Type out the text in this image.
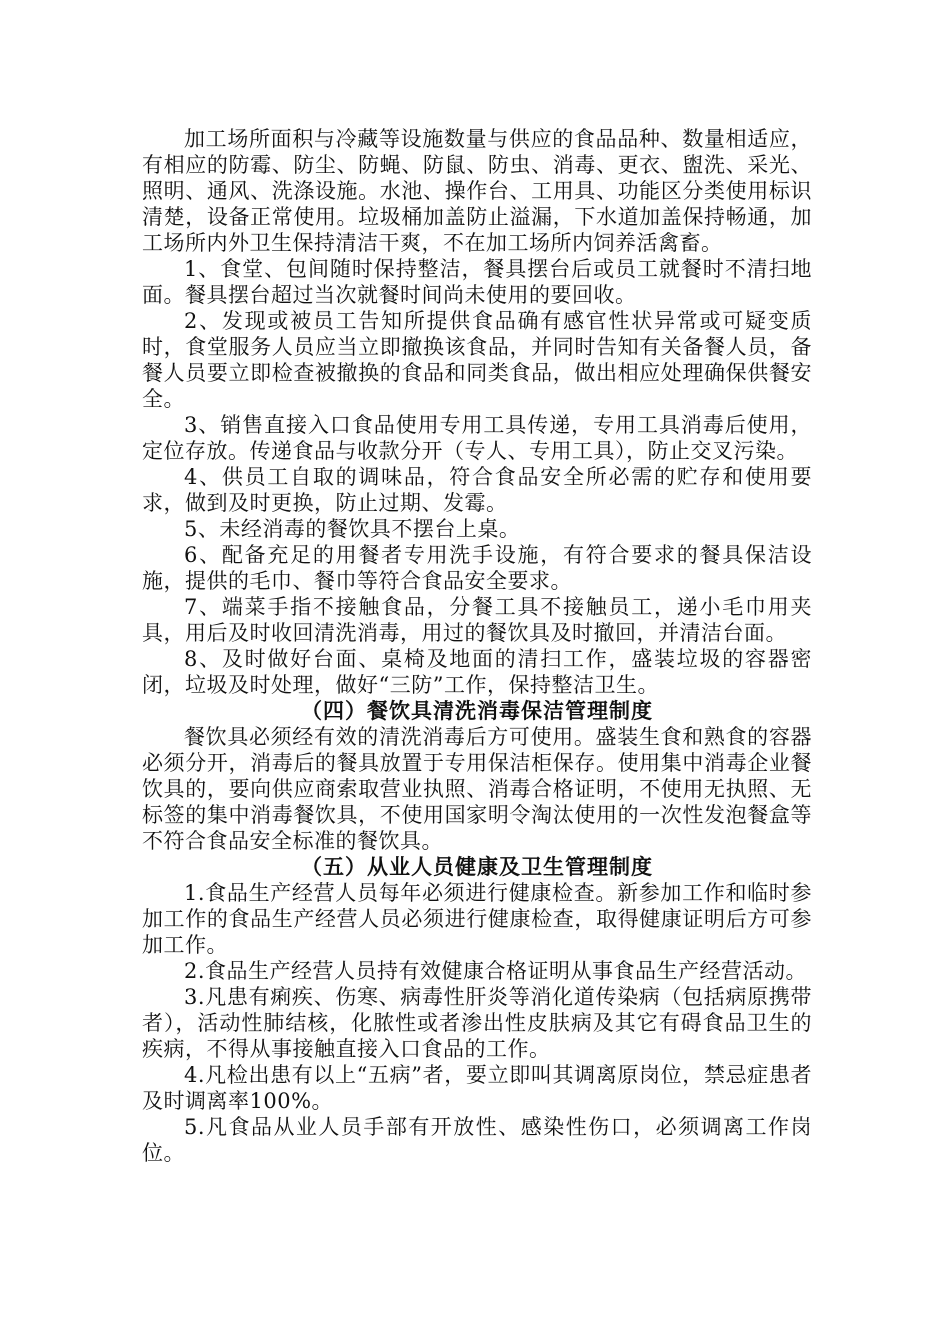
加工场所面积与冷藏等设施数量与供应的食品品种、数量相适应，有相应的防霉、防尘、防蝇、防鼠、防虫、消毒、更衣、盥洗、采光、照明、通风、洗涤设施。水池、操作台、工用具、功能区分类使用标识清楚，设备正常使用。垃圾桶加盖防止溢漏，下水道加盖保持畅通，加工场所内外卫生保持清洁干爽，不在加工场所内饲养活禽畜。

1、食堂、包间随时保持整洁，餐具摆台后或员工就餐时不清扫地面。餐具摆台超过当次就餐时间尚未使用的要回收。

2、发现或被员工告知所提供食品确有感官性状异常或可疑变质时，食堂服务人员应当立即撤换该食品，并同时告知有关备餐人员，备餐人员要立即检查被撤换的食品和同类食品，做出相应处理确保供餐安全。

3、销售直接入口食品使用专用工具传递，专用工具消毒后使用，定位存放。传递食品与收款分开（专人、专用工具），防止交叉污染。

4、供员工自取的调味品，符合食品安全所必需的贮存和使用要求，做到及时更换，防止过期、发霉。

5、未经消毒的餐饮具不摆台上桌。

6、配备充足的用餐者专用洗手设施，有符合要求的餐具保洁设施，提供的毛巾、餐巾等符合食品安全要求。

7、端菜手指不接触食品，分餐工具不接触员工，递小毛巾用夹具，用后及时收回清洗消毒，用过的餐饮具及时撤回，并清洁台面。

8、及时做好台面、桌椅及地面的清扫工作，盛装垃圾的容器密闭，垃圾及时处理，做好“三防”工作，保持整洁卫生。

（四）餐饮具清洗消毒保洁管理制度

餐饮具必须经有效的清洗消毒后方可使用。盛装生食和熟食的容器必须分开，消毒后的餐具放置于专用保洁柜保存。使用集中消毒企业餐饮具的，要向供应商索取营业执照、消毒合格证明，不使用无执照、无标签的集中消毒餐饮具，不使用国家明令淘汰使用的一次性发泡餐盒等不符合食品安全标准的餐饮具。

（五）从业人员健康及卫生管理制度

1.食品生产经营人员每年必须进行健康检查。新参加工作和临时参加工作的食品生产经营人员必须进行健康检查，取得健康证明后方可参加工作。

2.食品生产经营人员持有效健康合格证明从事食品生产经营活动。

3.凡患有痢疾、伤寒、病毒性肝炎等消化道传染病（包括病原携带者），活动性肺结核，化脓性或者渗出性皮肤病及其它有碍食品卫生的疾病，不得从事接触直接入口食品的工作。

4.凡检出患有以上“五病”者，要立即叫其调离原岗位，禁忌症患者及时调离率100%。

5.凡食品从业人员手部有开放性、感染性伤口，必须调离工作岗位。
